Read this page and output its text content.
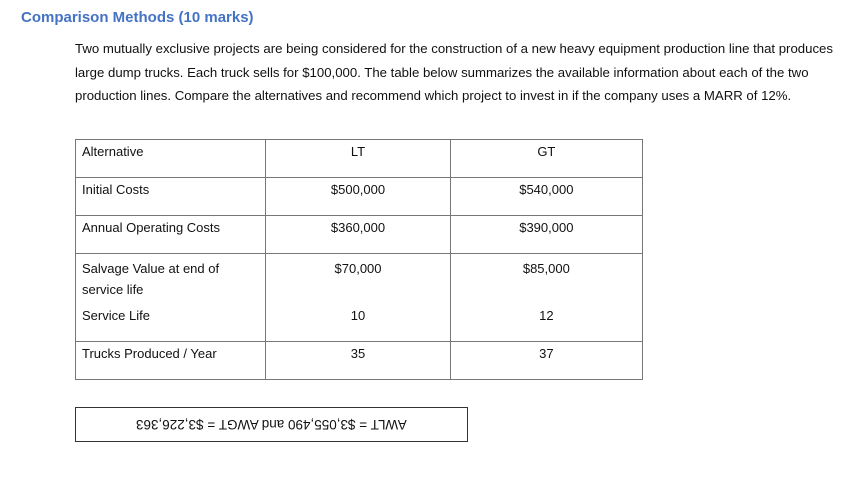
Comparison Methods (10 marks)
Two mutually exclusive projects are being considered for the construction of a new heavy equipment production line that produces large dump trucks. Each truck sells for $100,000. The table below summarizes the available information about each of the two production lines. Compare the alternatives and recommend which project to invest in if the company uses a MARR of 12%.
Alternative	LT	GT
Initial Costs	$500,000	$540,000
Annual Operating Costs	$360,000	$390,000
Salvage Value at end of service life	$70,000	$85,000
Service Life	10	12
Trucks Produced / Year	35	37
AWLT = $3,055,490 and AWGT = $3,226,363
